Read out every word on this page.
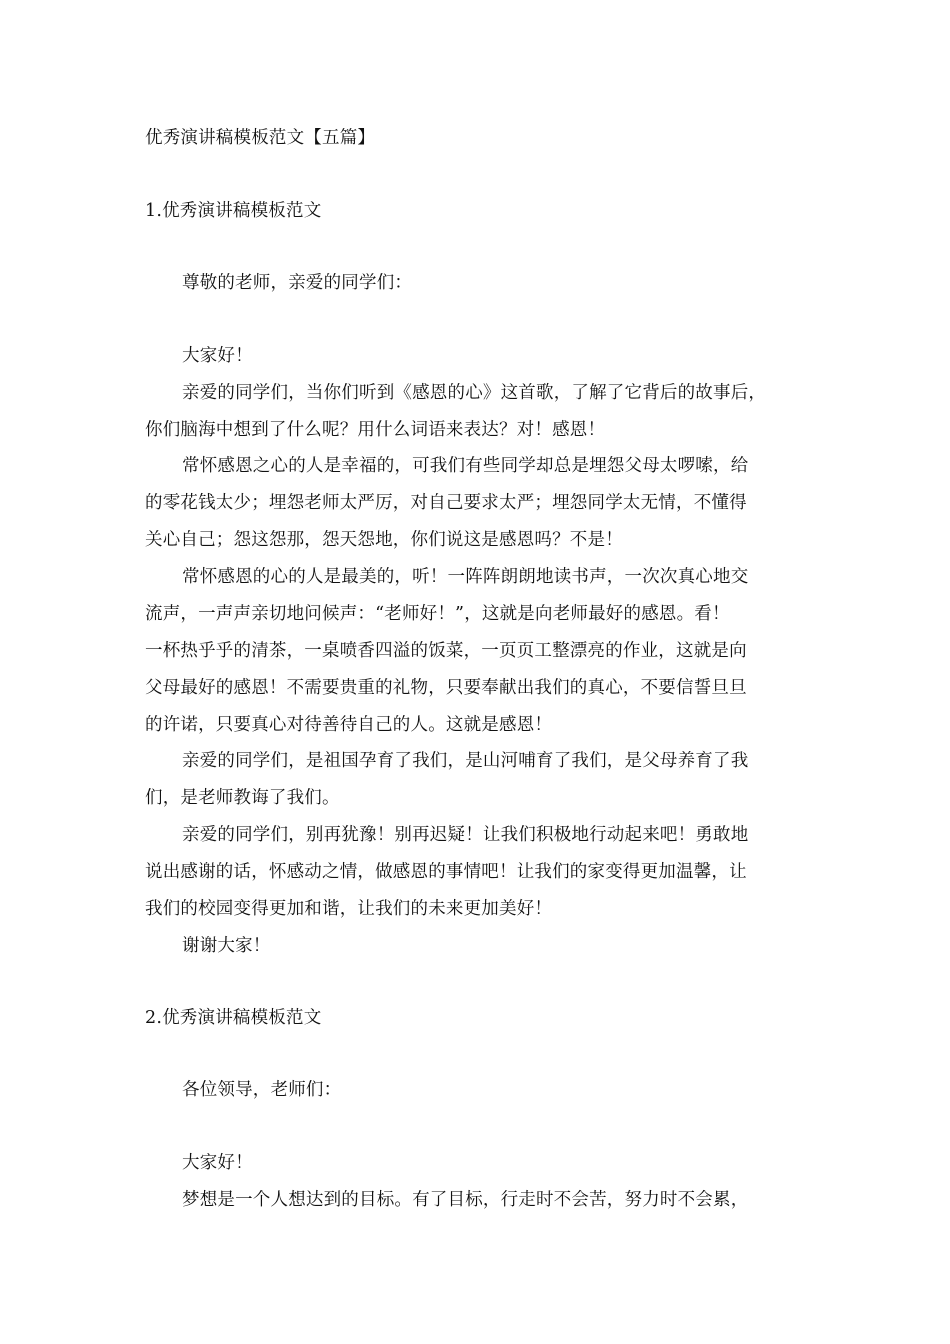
优秀演讲稿模板范文【五篇】
1.优秀演讲稿模板范文
尊敬的老师，亲爱的同学们：
大家好！
亲爱的同学们，当你们听到《感恩的心》这首歌，了解了它背后的故事后，
你们脑海中想到了什么呢？用什么词语来表达？对！感恩！
常怀感恩之心的人是幸福的，可我们有些同学却总是埋怨父母太啰嗦，给
的零花钱太少；埋怨老师太严厉，对自己要求太严；埋怨同学太无情，不懂得
关心自己；怨这怨那，怨天怨地，你们说这是感恩吗？不是！
常怀感恩的心的人是最美的，听！一阵阵朗朗地读书声，一次次真心地交
流声，一声声亲切地问候声：“老师好！”，这就是向老师最好的感恩。看！
一杯热乎乎的清茶，一桌喷香四溢的饭菜，一页页工整漂亮的作业，这就是向
父母最好的感恩！不需要贵重的礼物，只要奉献出我们的真心，不要信誓旦旦
的许诺，只要真心对待善待自己的人。这就是感恩！
亲爱的同学们，是祖国孕育了我们，是山河哺育了我们，是父母养育了我
们，是老师教诲了我们。
亲爱的同学们，别再犹豫！别再迟疑！让我们积极地行动起来吧！勇敢地
说出感谢的话，怀感动之情，做感恩的事情吧！让我们的家变得更加温馨，让
我们的校园变得更加和谐，让我们的未来更加美好！
谢谢大家！
2.优秀演讲稿模板范文
各位领导，老师们：
大家好！
梦想是一个人想达到的目标。有了目标，行走时不会苦，努力时不会累，
